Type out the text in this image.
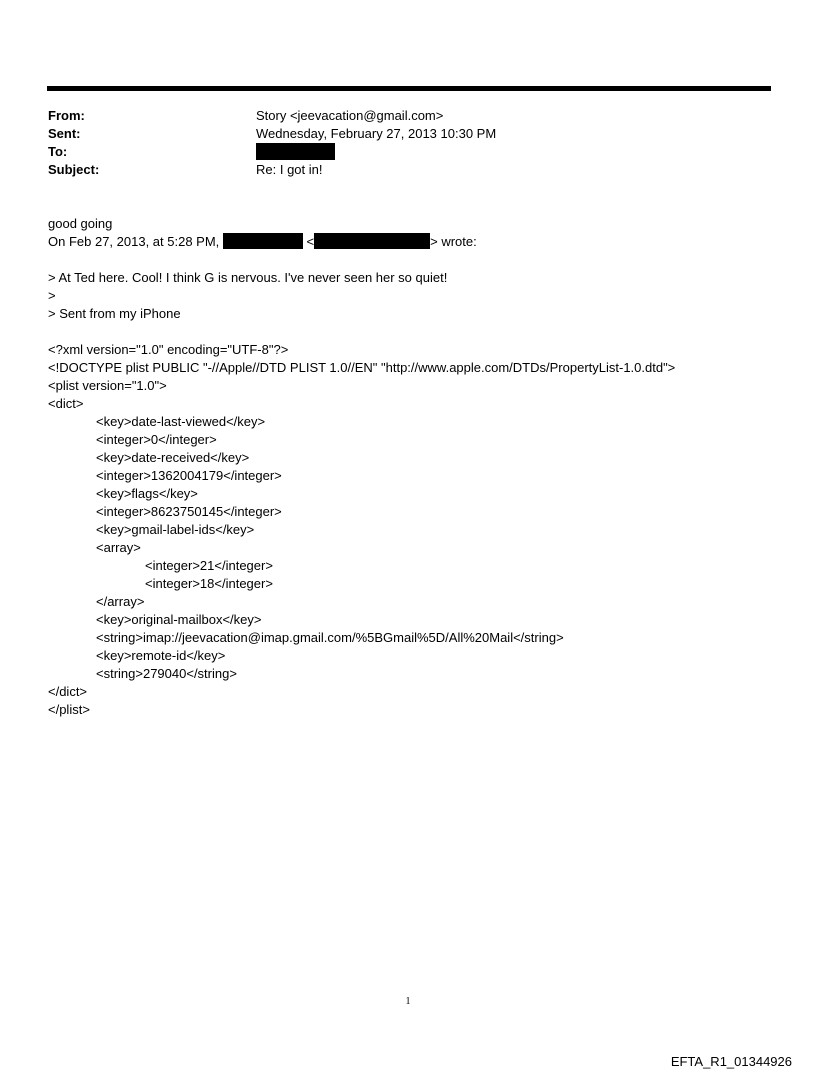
From:	Story <jeevacation@gmail.com>
Sent:	Wednesday, February 27, 2013 10:30 PM
To:
Subject:	Re: I got in!
good going
On Feb 27, 2013, at 5:28 PM,	<	> wrote:
> At Ted here. Cool! I think G is nervous. I've never seen her so quiet!
>
> Sent from my iPhone
<?xml version="1.0" encoding="UTF-8"?>
<!DOCTYPE plist PUBLIC "-//Apple//DTD PLIST 1.0//EN" "http://www.apple.com/DTDs/PropertyList-1.0.dtd">
<plist version="1.0">
<dict>
<key>date-last-viewed</key>
<integer>0</integer>
<key>date-received</key>
<integer>1362004179</integer>
<key>flags</key>
<integer>8623750145</integer>
<key>gmail-label-ids</key>
<array>
<integer>21</integer>
<integer>18</integer>
</array>
<key>original-mailbox</key>
<string>imap://jeevacation@imap.gmail.com/%5BGmail%5D/All%20Mail</string>
<key>remote-id</key>
<string>279040</string>
</dict>
</plist>
1
EFTA_R1_01344926
